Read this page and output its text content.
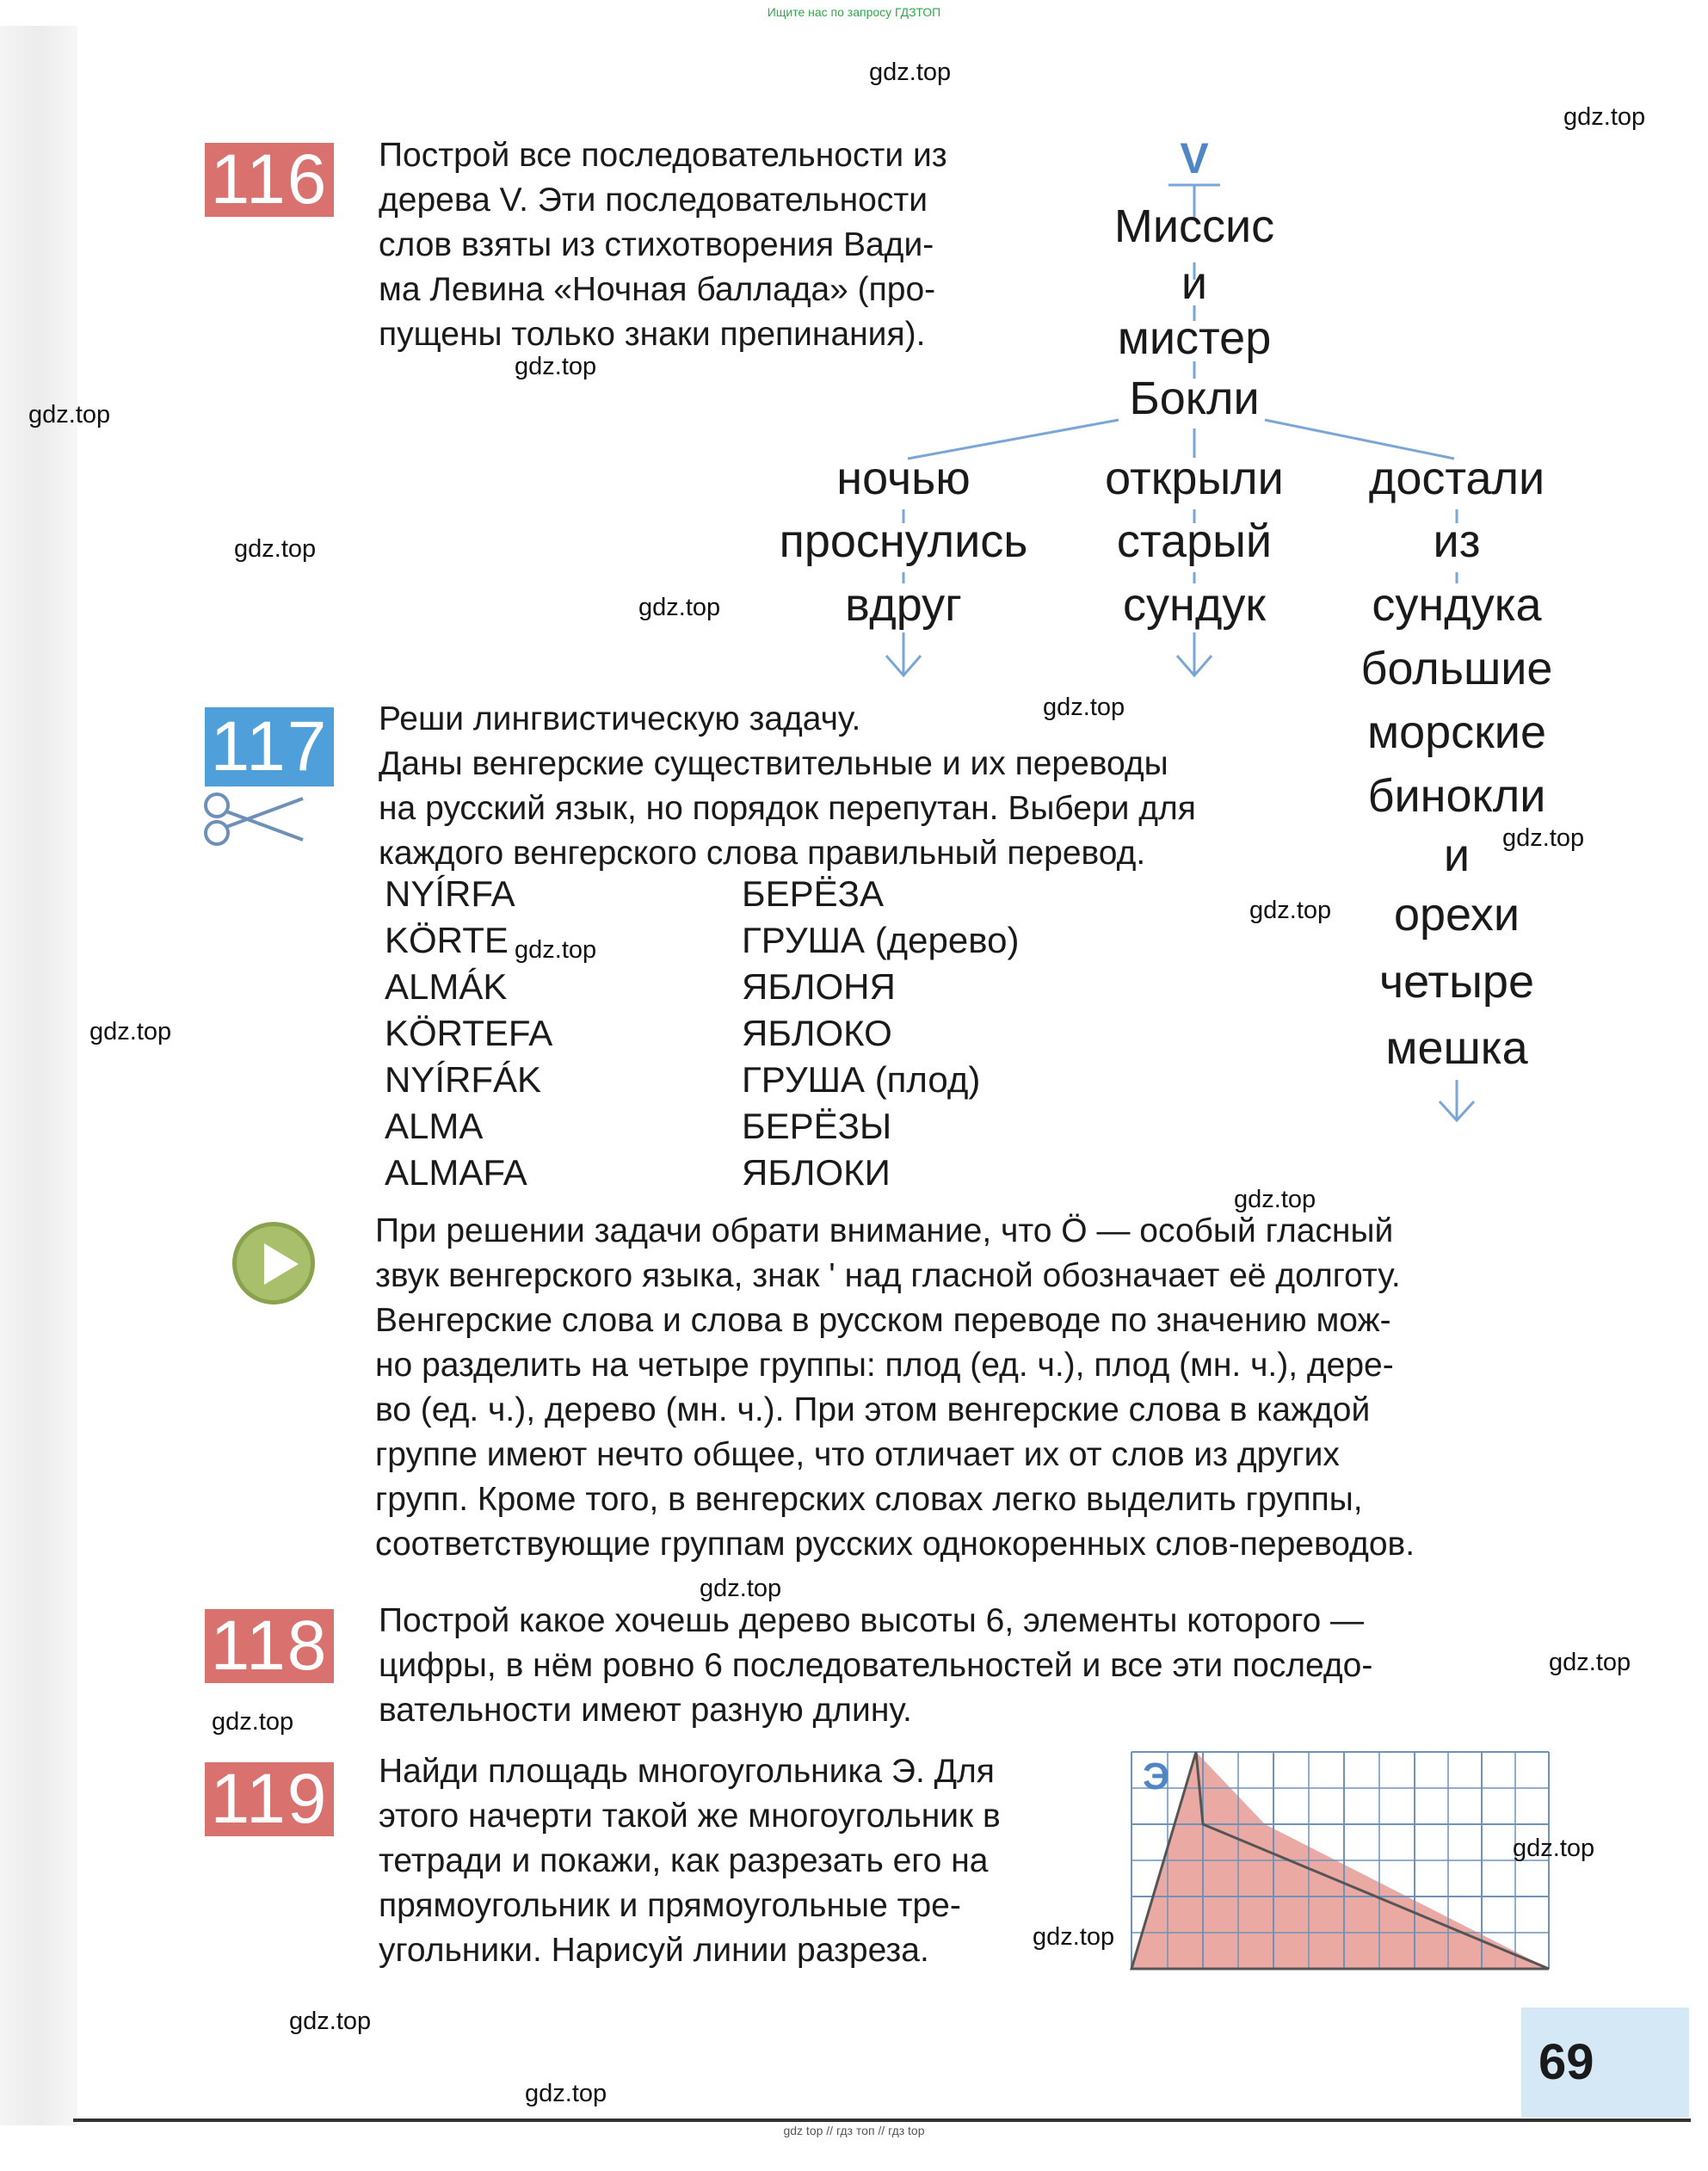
Ищите нас по запросу ГДЗТОП
gdz top // гдз топ // гдз top
116 Построй все последовательности из
дерева V. Эти последовательности
слов взяты из стихотворения Вади-
ма Левина «Ночная баллада» (про-
пущены только знаки препинания).
V
Миссис
и
мистер
Бокли
ночью
проснулись
вдруг
открыли
старый
сундук
достали
из
сундука
большие
морские
бинокли
и
орехи
четыре
мешка
117 Реши лингвистическую задачу.
Даны венгерские существительные и их переводы
на русский язык, но порядок перепутан. Выбери для
каждого венгерского слова правильный перевод.
NYÍRFA
KÖRTE
ALMÁK
KÖRTEFA
NYÍRFÁK
ALMA
ALMAFA
БЕРЁЗА
ГРУША (дерево)
ЯБЛОНЯ
ЯБЛОКО
ГРУША (плод)
БЕРЁЗЫ
ЯБЛОКИ
При решении задачи обрати внимание, что Ö — особый гласный
звук венгерского языка, знак ʹ над гласной обозначает её долготу.
Венгерские слова и слова в русском переводе по значению мож-
но разделить на четыре группы: плод (ед. ч.), плод (мн. ч.), дере-
во (ед. ч.), дерево (мн. ч.). При этом венгерские слова в каждой
группе имеют нечто общее, что отличает их от слов из других
групп. Кроме того, в венгерских словах легко выделить группы,
соответствующие группам русских однокоренных слов-переводов.
118 Построй какое хочешь дерево высоты 6, элементы которого —
цифры, в нём ровно 6 последовательностей и все эти последо-
вательности имеют разную длину.
119 Найди площадь многоугольника Э. Для
этого начерти такой же многоугольник в
тетради и покажи, как разрезать его на
прямоугольник и прямоугольные тре-
угольники. Нарисуй линии разреза.
Э
69
gdz.top
gdz.top
gdz.top
gdz.top
gdz.top
gdz.top
gdz.top
gdz.top
gdz.top
gdz.top
gdz.top
gdz.top
gdz.top
gdz.top
gdz.top
gdz.top
gdz.top
gdz.top
gdz.top
